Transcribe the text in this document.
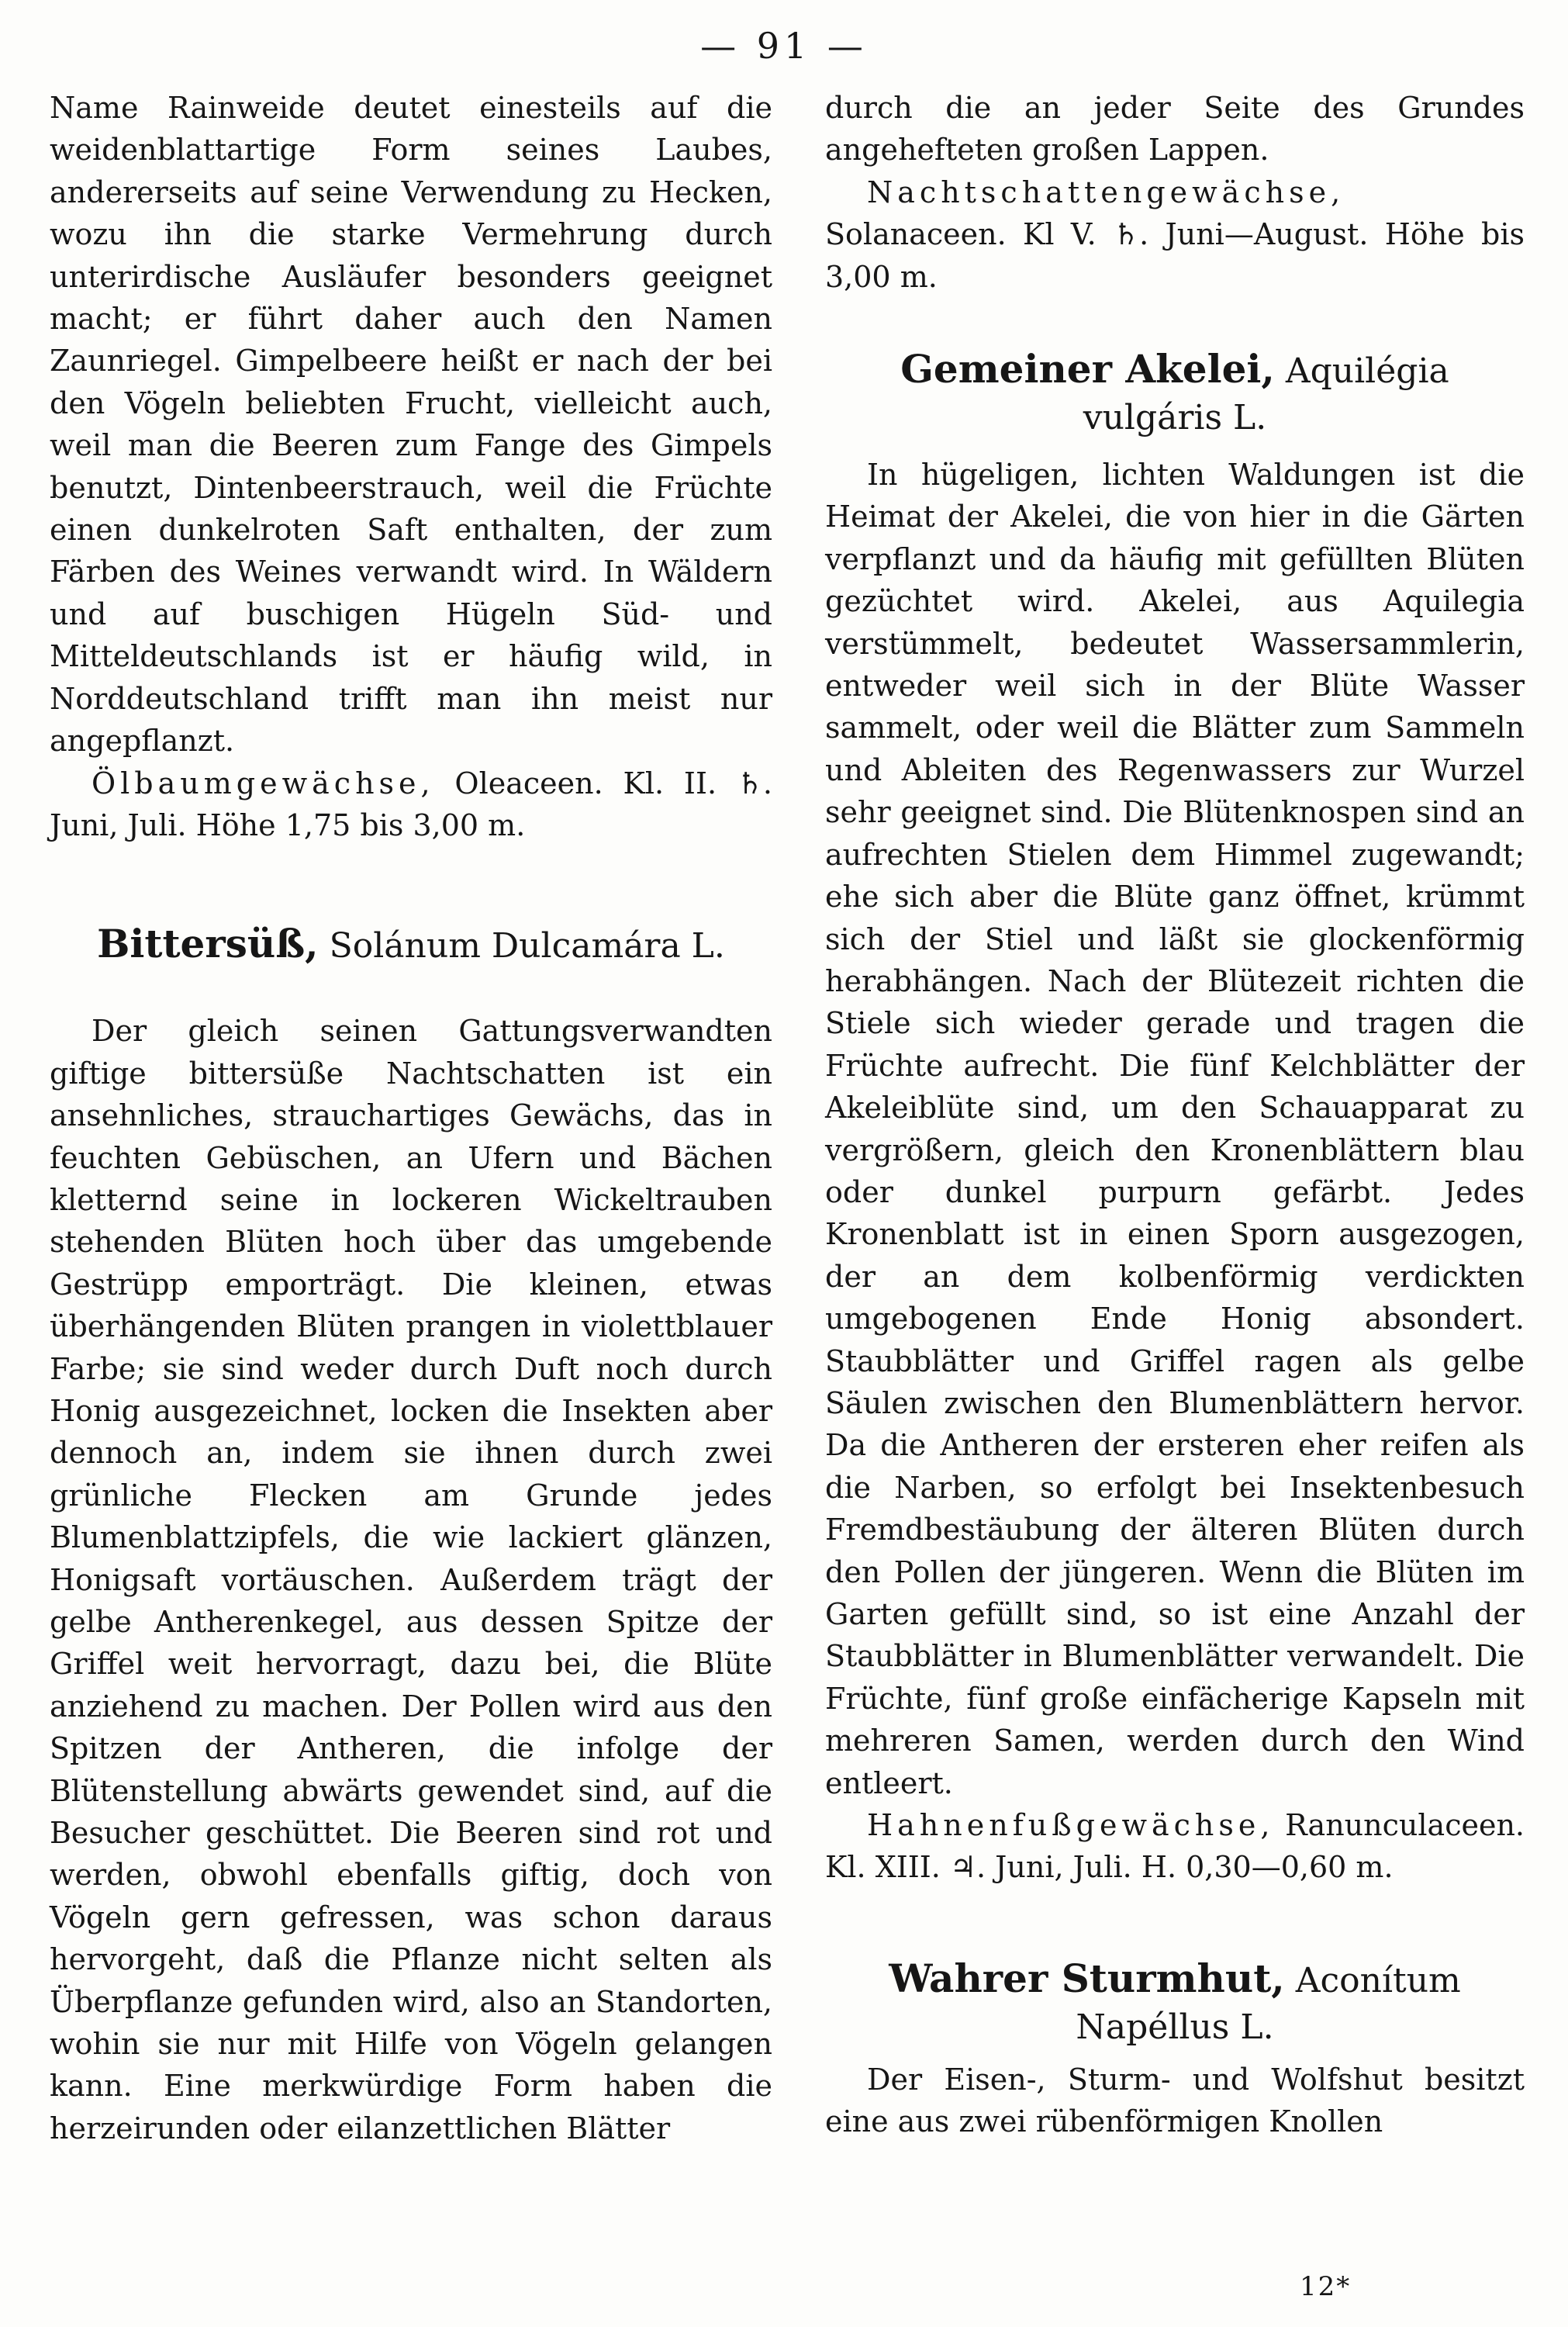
— 91 —

Name Rainweide deutet einesteils auf die weidenblattartige Form seines Laubes, andererseits auf seine Verwendung zu Hecken, wozu ihn die starke Vermehrung durch unterirdische Ausläufer besonders geeignet macht; er führt daher auch den Namen Zaunriegel. Gimpelbeere heißt er nach der bei den Vögeln beliebten Frucht, vielleicht auch, weil man die Beeren zum Fange des Gimpels benutzt, Dintenbeerstrauch, weil die Früchte einen dunkelroten Saft enthalten, der zum Färben des Weines verwandt wird. In Wäldern und auf buschigen Hügeln Süd- und Mitteldeutschlands ist er häufig wild, in Norddeutschland trifft man ihn meist nur angepflanzt.

Ölbaumgewächse, Oleaceen. Kl. II. ♄. Juni, Juli. Höhe 1,75 bis 3,00 m.

Bittersüß, Solánum Dulcamára L.

Der gleich seinen Gattungsverwandten giftige bittersüße Nachtschatten ist ein ansehnliches, strauchartiges Gewächs, das in feuchten Gebüschen, an Ufern und Bächen kletternd seine in lockeren Wickeltrauben stehenden Blüten hoch über das umgebende Gestrüpp emporträgt. Die kleinen, etwas überhängenden Blüten prangen in violettblauer Farbe; sie sind weder durch Duft noch durch Honig ausgezeichnet, locken die Insekten aber dennoch an, indem sie ihnen durch zwei grünliche Flecken am Grunde jedes Blumenblattzipfels, die wie lackiert glänzen, Honigsaft vortäuschen. Außerdem trägt der gelbe Antherenkegel, aus dessen Spitze der Griffel weit hervorragt, dazu bei, die Blüte anziehend zu machen. Der Pollen wird aus den Spitzen der Antheren, die infolge der Blütenstellung abwärts gewendet sind, auf die Besucher geschüttet. Die Beeren sind rot und werden, obwohl ebenfalls giftig, doch von Vögeln gern gefressen, was schon daraus hervorgeht, daß die Pflanze nicht selten als Überpflanze gefunden wird, also an Standorten, wohin sie nur mit Hilfe von Vögeln gelangen kann. Eine merkwürdige Form haben die herzeirunden oder eilanzettlichen Blätter

durch die an jeder Seite des Grundes angehefteten großen Lappen.

Nachtschattengewächse, Solanaceen. Kl V. ♄. Juni—August. Höhe bis 3,00 m.

Gemeiner Akelei, Aquilégia
vulgáris L.

In hügeligen, lichten Waldungen ist die Heimat der Akelei, die von hier in die Gärten verpflanzt und da häufig mit gefüllten Blüten gezüchtet wird. Akelei, aus Aquilegia verstümmelt, bedeutet Wassersammlerin, entweder weil sich in der Blüte Wasser sammelt, oder weil die Blätter zum Sammeln und Ableiten des Regenwassers zur Wurzel sehr geeignet sind. Die Blütenknospen sind an aufrechten Stielen dem Himmel zugewandt; ehe sich aber die Blüte ganz öffnet, krümmt sich der Stiel und läßt sie glockenförmig herabhängen. Nach der Blütezeit richten die Stiele sich wieder gerade und tragen die Früchte aufrecht. Die fünf Kelchblätter der Akeleiblüte sind, um den Schauapparat zu vergrößern, gleich den Kronenblättern blau oder dunkel purpurn gefärbt. Jedes Kronenblatt ist in einen Sporn ausgezogen, der an dem kolbenförmig verdickten umgebogenen Ende Honig absondert. Staubblätter und Griffel ragen als gelbe Säulen zwischen den Blumenblättern hervor. Da die Antheren der ersteren eher reifen als die Narben, so erfolgt bei Insektenbesuch Fremdbestäubung der älteren Blüten durch den Pollen der jüngeren. Wenn die Blüten im Garten gefüllt sind, so ist eine Anzahl der Staubblätter in Blumenblätter verwandelt. Die Früchte, fünf große einfächerige Kapseln mit mehreren Samen, werden durch den Wind entleert.

Hahnenfußgewächse, Ranunculaceen. Kl. XIII. ♃. Juni, Juli. H. 0,30—0,60 m.

Wahrer Sturmhut, Aconítum
Napéllus L.

Der Eisen-, Sturm- und Wolfshut besitzt eine aus zwei rübenförmigen Knollen

12*
